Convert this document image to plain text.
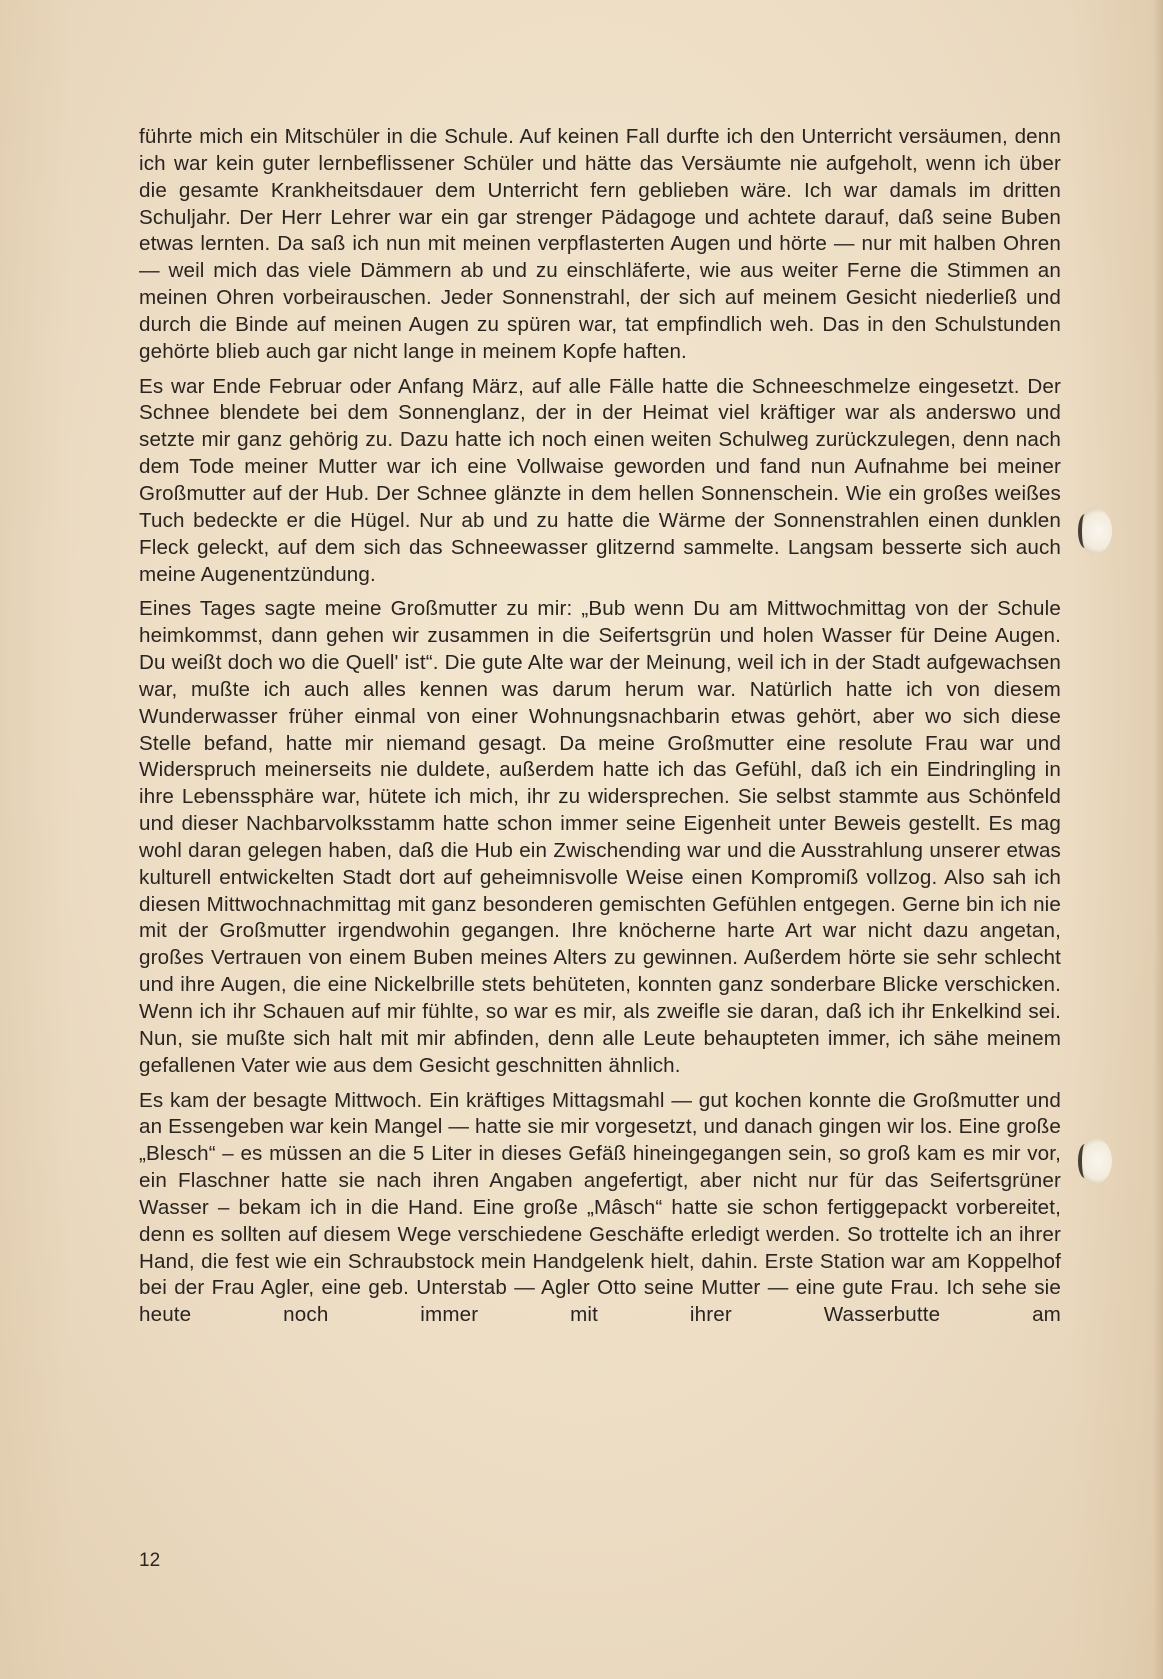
führte mich ein Mitschüler in die Schule. Auf keinen Fall durfte ich den Unterricht versäumen, denn ich war kein guter lernbeflissener Schüler und hätte das Versäumte nie aufgeholt, wenn ich über die gesamte Krankheitsdauer dem Unterricht fern geblieben wäre. Ich war damals im dritten Schuljahr. Der Herr Lehrer war ein gar strenger Pädagoge und achtete darauf, daß seine Buben etwas lernten. Da saß ich nun mit meinen verpflasterten Augen und hörte — nur mit halben Ohren — weil mich das viele Dämmern ab und zu einschläferte, wie aus weiter Ferne die Stimmen an meinen Ohren vorbeirauschen. Jeder Sonnenstrahl, der sich auf meinem Gesicht niederließ und durch die Binde auf meinen Augen zu spüren war, tat empfindlich weh. Das in den Schulstunden gehörte blieb auch gar nicht lange in meinem Kopfe haften.

Es war Ende Februar oder Anfang März, auf alle Fälle hatte die Schneeschmelze eingesetzt. Der Schnee blendete bei dem Sonnenglanz, der in der Heimat viel kräftiger war als anderswo und setzte mir ganz gehörig zu. Dazu hatte ich noch einen weiten Schulweg zurückzulegen, denn nach dem Tode meiner Mutter war ich eine Vollwaise geworden und fand nun Aufnahme bei meiner Großmutter auf der Hub. Der Schnee glänzte in dem hellen Sonnenschein. Wie ein großes weißes Tuch bedeckte er die Hügel. Nur ab und zu hatte die Wärme der Sonnenstrahlen einen dunklen Fleck geleckt, auf dem sich das Schneewasser glitzernd sammelte. Langsam besserte sich auch meine Augenentzündung.

Eines Tages sagte meine Großmutter zu mir: „Bub wenn Du am Mittwochmittag von der Schule heimkommst, dann gehen wir zusammen in die Seifertsgrün und holen Wasser für Deine Augen. Du weißt doch wo die Quell' ist“. Die gute Alte war der Meinung, weil ich in der Stadt aufgewachsen war, mußte ich auch alles kennen was darum herum war. Natürlich hatte ich von diesem Wunderwasser früher einmal von einer Wohnungsnachbarin etwas gehört, aber wo sich diese Stelle befand, hatte mir niemand gesagt. Da meine Großmutter eine resolute Frau war und Widerspruch meinerseits nie duldete, außerdem hatte ich das Gefühl, daß ich ein Eindringling in ihre Lebenssphäre war, hütete ich mich, ihr zu widersprechen. Sie selbst stammte aus Schönfeld und dieser Nachbarvolksstamm hatte schon immer seine Eigenheit unter Beweis gestellt. Es mag wohl daran gelegen haben, daß die Hub ein Zwischending war und die Ausstrahlung unserer etwas kulturell entwickelten Stadt dort auf geheimnisvolle Weise einen Kompromiß vollzog. Also sah ich diesen Mittwochnachmittag mit ganz besonderen gemischten Gefühlen entgegen. Gerne bin ich nie mit der Großmutter irgendwohin gegangen. Ihre knöcherne harte Art war nicht dazu angetan, großes Vertrauen von einem Buben meines Alters zu gewinnen. Außerdem hörte sie sehr schlecht und ihre Augen, die eine Nickelbrille stets behüteten, konnten ganz sonderbare Blicke verschicken. Wenn ich ihr Schauen auf mir fühlte, so war es mir, als zweifle sie daran, daß ich ihr Enkelkind sei. Nun, sie mußte sich halt mit mir abfinden, denn alle Leute behaupteten immer, ich sähe meinem gefallenen Vater wie aus dem Gesicht geschnitten ähnlich.

Es kam der besagte Mittwoch. Ein kräftiges Mittagsmahl — gut kochen konnte die Großmutter und an Essengeben war kein Mangel — hatte sie mir vorgesetzt, und danach gingen wir los. Eine große „Blesch“ – es müssen an die 5 Liter in dieses Gefäß hineingegangen sein, so groß kam es mir vor, ein Flaschner hatte sie nach ihren Angaben angefertigt, aber nicht nur für das Seifertsgrüner Wasser – bekam ich in die Hand. Eine große „Mâsch“ hatte sie schon fertiggepackt vorbereitet, denn es sollten auf diesem Wege verschiedene Geschäfte erledigt werden. So trottelte ich an ihrer Hand, die fest wie ein Schraubstock mein Handgelenk hielt, dahin. Erste Station war am Koppelhof bei der Frau Agler, eine geb. Unterstab — Agler Otto seine Mutter — eine gute Frau. Ich sehe sie heute noch immer mit ihrer Wasserbutte am

12
